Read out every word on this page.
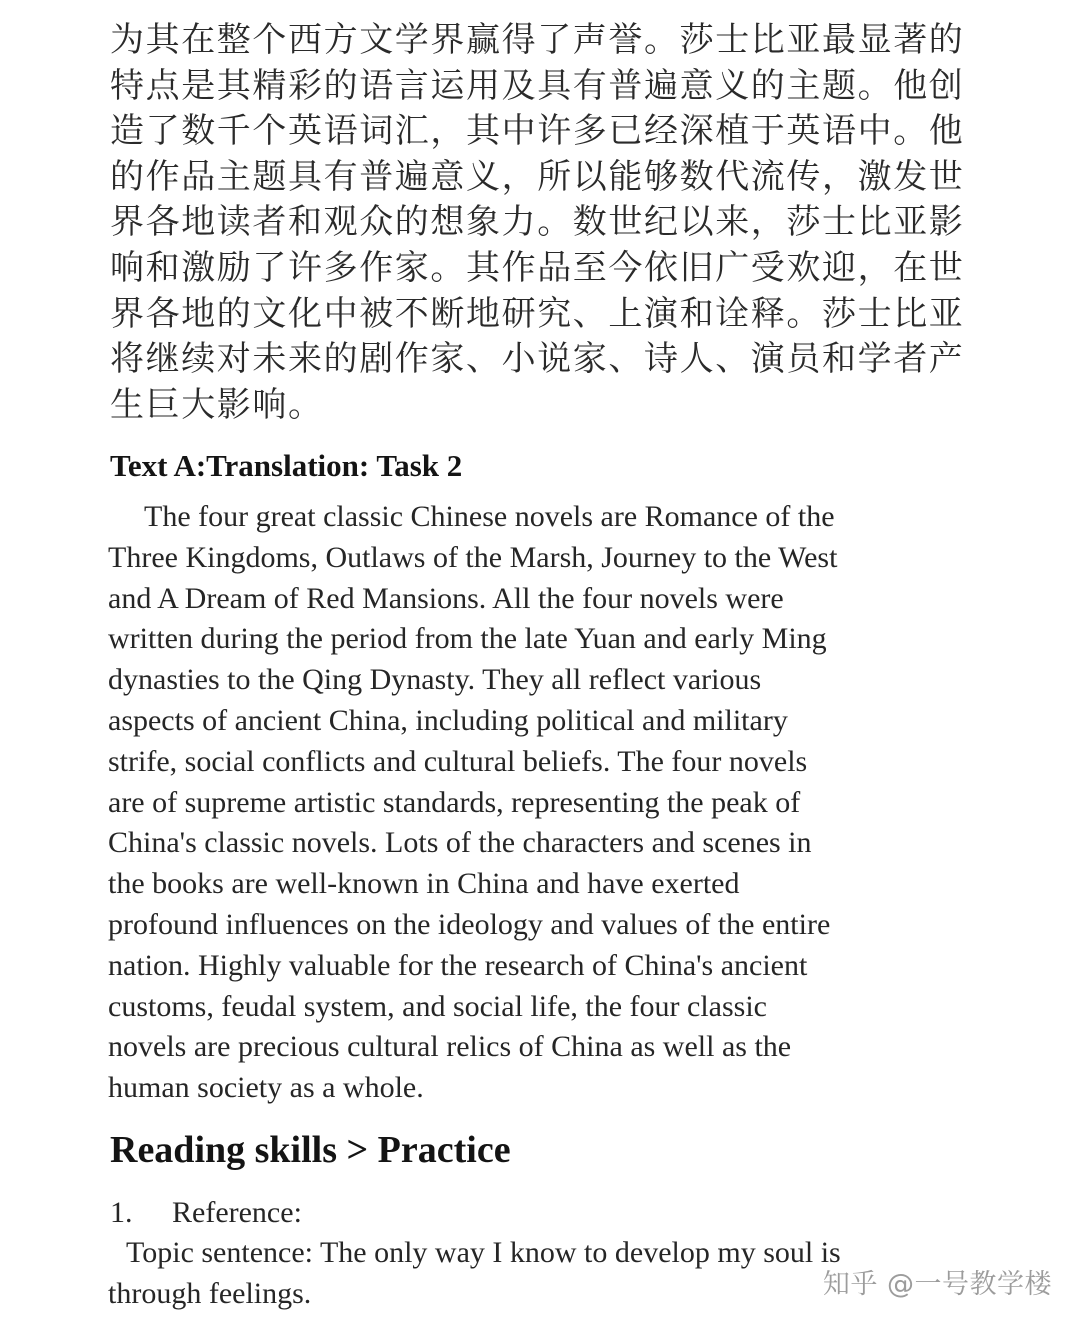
为其在整个西方文学界赢得了声誉。莎士比亚最显著的
特点是其精彩的语言运用及具有普遍意义的主题。他创
造了数千个英语词汇，其中许多已经深植于英语中。他
的作品主题具有普遍意义，所以能够数代流传，激发世
界各地读者和观众的想象力。数世纪以来，莎士比亚影
响和激励了许多作家。其作品至今依旧广受欢迎，在世
界各地的文化中被不断地研究、上演和诠释。莎士比亚
将继续对未来的剧作家、小说家、诗人、演员和学者产
生巨大影响。
Text A:Translation: Task 2
The four great classic Chinese novels are Romance of the
Three Kingdoms, Outlaws of the Marsh, Journey to the West
and A Dream of Red Mansions. All the four novels were
written during the period from the late Yuan and early Ming
dynasties to the Qing Dynasty. They all reflect various
aspects of ancient China, including political and military
strife, social conflicts and cultural beliefs. The four novels
are of supreme artistic standards, representing the peak of
China's classic novels. Lots of the characters and scenes in
the books are well-known in China and have exerted
profound influences on the ideology and values of the entire
nation. Highly valuable for the research of China's ancient
customs, feudal system, and social life, the four classic
novels are precious cultural relics of China as well as the
human society as a whole.
Reading skills > Practice

1. Reference:

Topic sentence: The only way I know to develop my soul is
through feelings.	知乎 @一号教学楼
